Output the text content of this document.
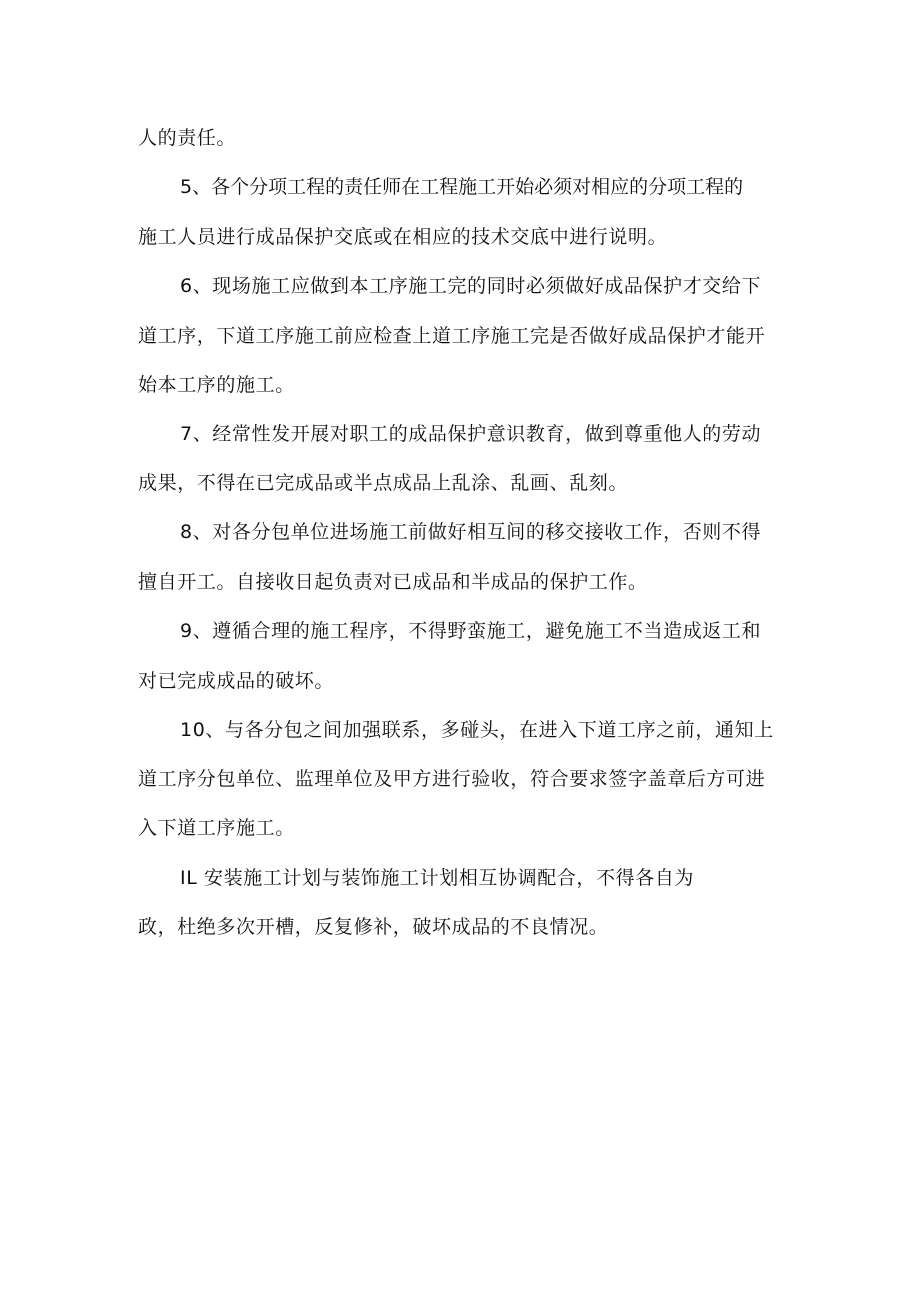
人的责任。
5、各个分项工程的责任师在工程施工开始必须对相应的分项工程的
施工人员进行成品保护交底或在相应的技术交底中进行说明。
6、现场施工应做到本工序施工完的同时必须做好成品保护才交给下
道工序，下道工序施工前应检查上道工序施工完是否做好成品保护才能开
始本工序的施工。
7、经常性发开展对职工的成品保护意识教育，做到尊重他人的劳动
成果，不得在已完成品或半点成品上乱涂、乱画、乱刻。
8、对各分包单位进场施工前做好相互间的移交接收工作，否则不得
擅自开工。自接收日起负责对已成品和半成品的保护工作。
9、遵循合理的施工程序，不得野蛮施工，避免施工不当造成返工和
对已完成成品的破坏。
10、与各分包之间加强联系，多碰头，在进入下道工序之前，通知上
道工序分包单位、监理单位及甲方进行验收，符合要求签字盖章后方可进
入下道工序施工。
IL 安装施工计划与装饰施工计划相互协调配合，不得各自为
政，杜绝多次开槽，反复修补，破坏成品的不良情况。
